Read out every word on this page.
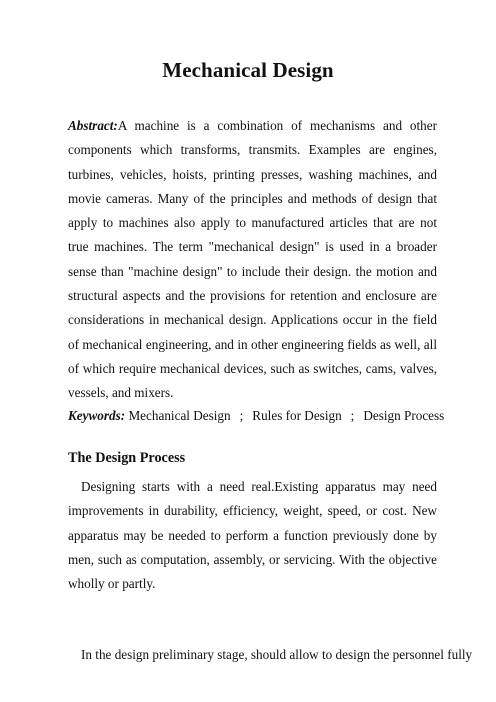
Mechanical Design
Abstract:A machine is a combination of mechanisms and other components which transforms, transmits. Examples are engines, turbines, vehicles, hoists, printing presses, washing machines, and movie cameras. Many of the principles and methods of design that apply to machines also apply to manufactured articles that are not true machines. The term "mechanical design" is used in a broader sense than "machine design" to include their design. the motion and structural aspects and the provisions for retention and enclosure are considerations in mechanical design. Applications occur in the field of mechanical engineering, and in other engineering fields as well, all of which require mechanical devices, such as switches, cams, valves, vessels, and mixers.
Keywords: Mechanical Design ; Rules for Design ; Design Process
The Design Process
Designing starts with a need real.Existing apparatus may need improvements in durability, efficiency, weight, speed, or cost. New apparatus may be needed to perform a function previously done by men, such as computation, assembly, or servicing. With the objective wholly or partly.
In the design preliminary stage, should allow to design the personnel fully
